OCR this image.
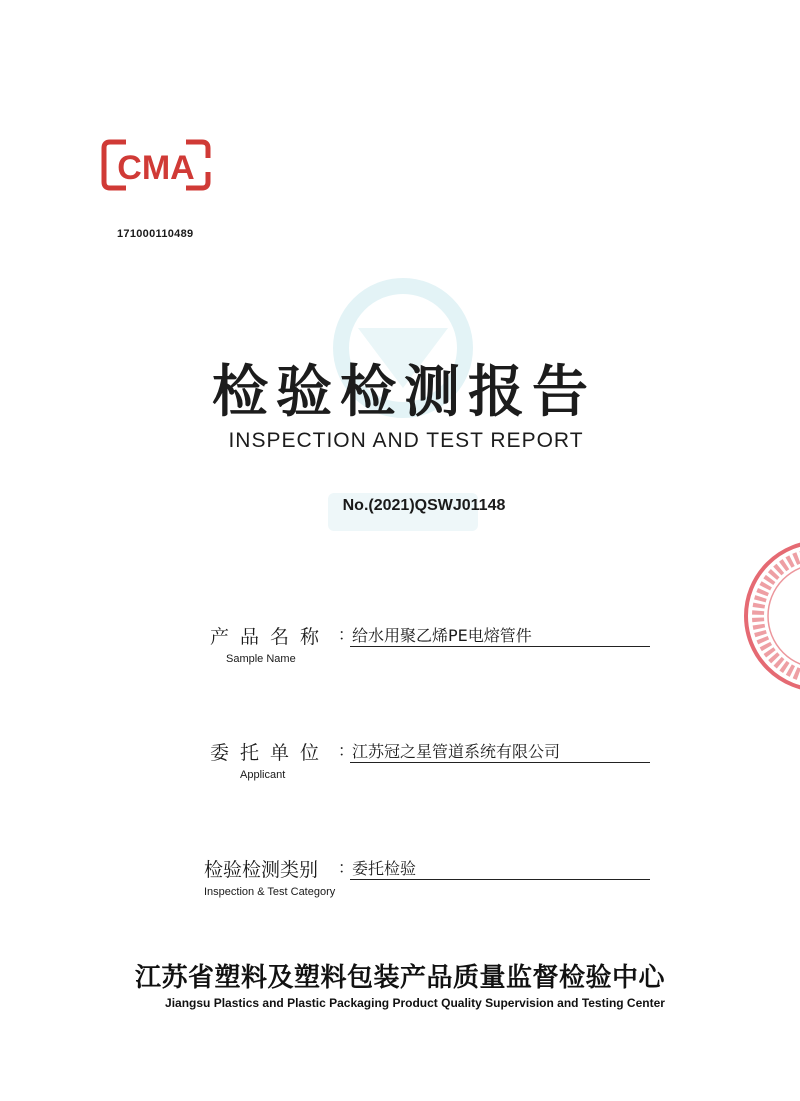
CMA
171000110489
检验检测报告
INSPECTION AND TEST REPORT
No.(2021)QSWJ01148
产品名称 ：
Sample Name
给水用聚乙烯PE电熔管件
委托单位 ：
Applicant
江苏冠之星管道系统有限公司
检验检测类别	：
Inspection & Test Category
委托检验
江苏省塑料及塑料包装产品质量监督检验中心
Jiangsu Plastics and Plastic Packaging Product Quality Supervision and Testing Center
